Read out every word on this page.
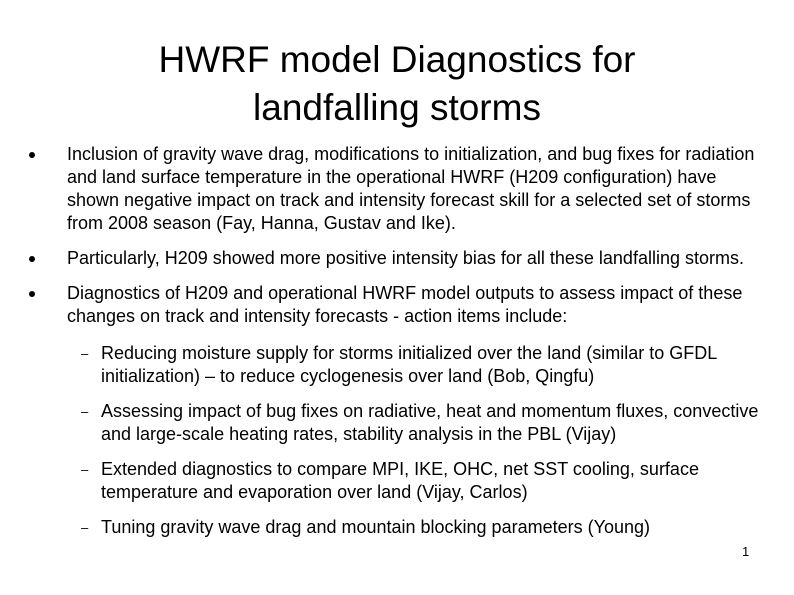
HWRF model Diagnostics for
landfalling storms
Inclusion of gravity wave drag, modifications to initialization, and bug fixes for radiation and land surface temperature in the operational HWRF (H209 configuration) have shown negative impact on track and intensity forecast skill for a selected set of storms from 2008 season (Fay, Hanna, Gustav and Ike).
Particularly, H209 showed more positive intensity bias for all these landfalling storms.
Diagnostics of H209 and operational HWRF model outputs to assess impact of these changes on track and intensity forecasts - action items include:
– Reducing moisture supply for storms initialized over the land (similar to GFDL initialization) – to reduce cyclogenesis over land (Bob, Qingfu)
– Assessing impact of bug fixes on radiative, heat and momentum fluxes, convective and large-scale heating rates, stability analysis in the PBL (Vijay)
– Extended diagnostics to compare MPI, IKE, OHC, net SST cooling, surface temperature and evaporation over land (Vijay, Carlos)
– Tuning gravity wave drag and mountain blocking parameters (Young)
1
